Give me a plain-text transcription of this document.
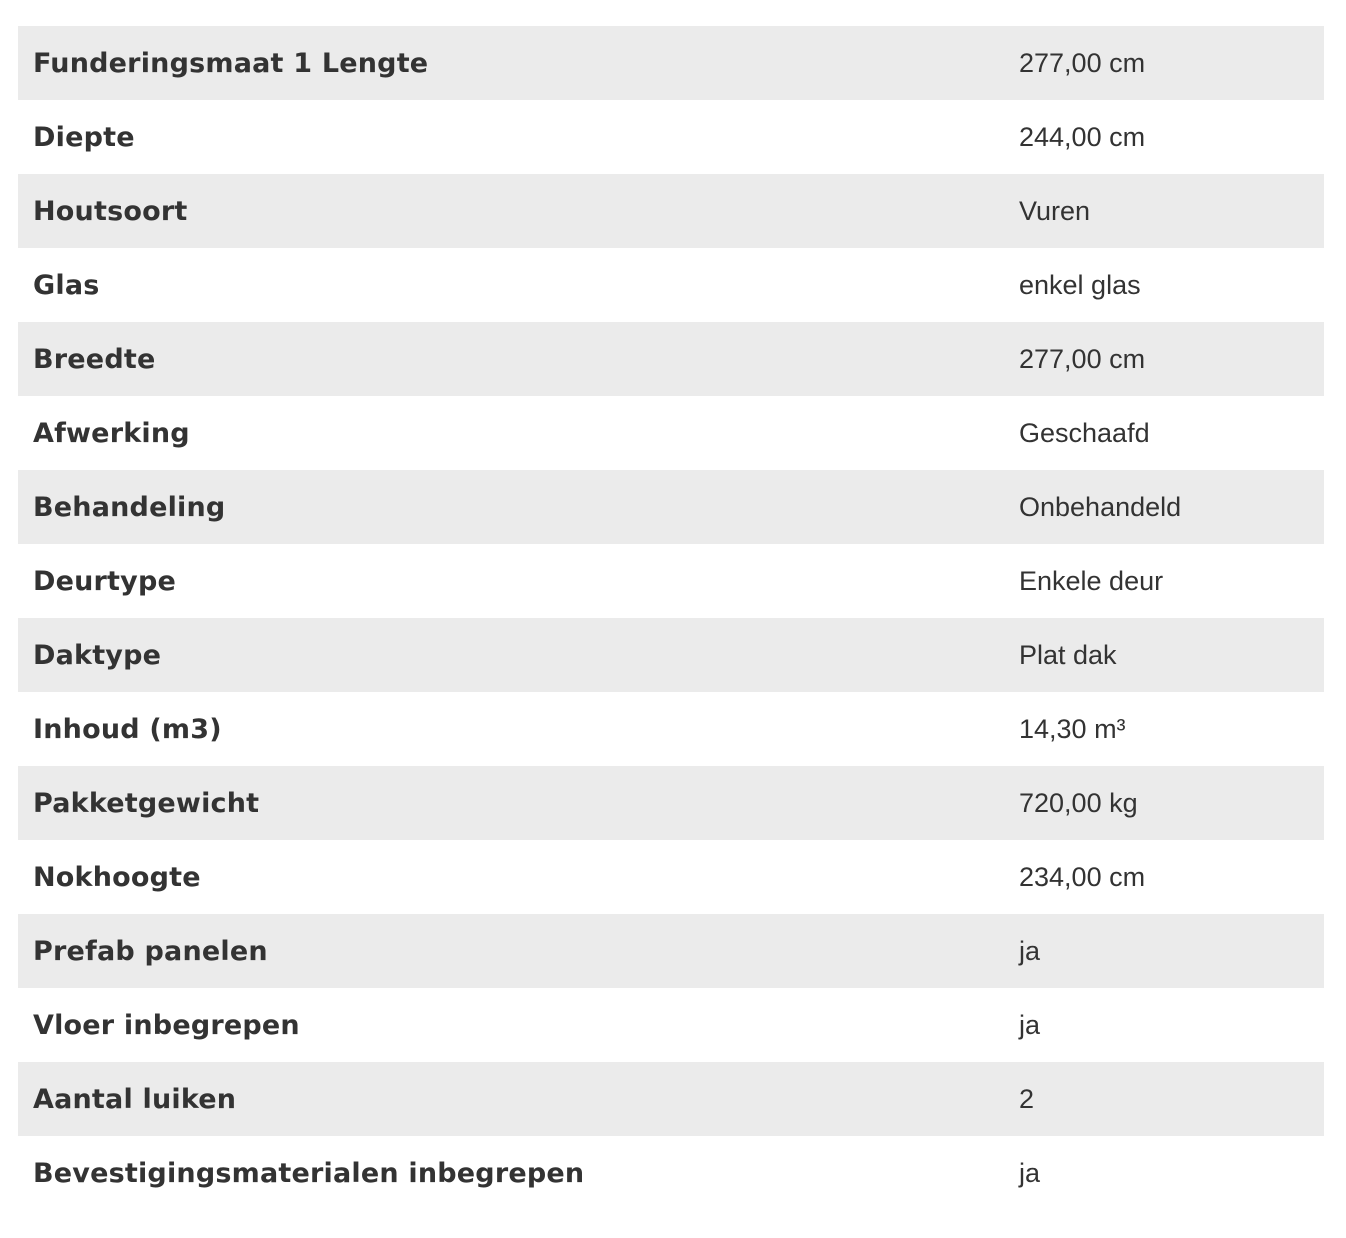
Funderingsmaat 1 Lengte	277,00 cm
Diepte	244,00 cm
Houtsoort	Vuren
Glas	enkel glas
Breedte	277,00 cm
Afwerking	Geschaafd
Behandeling	Onbehandeld
Deurtype	Enkele deur
Daktype	Plat dak
Inhoud (m3)	14,30 m³
Pakketgewicht	720,00 kg
Nokhoogte	234,00 cm
Prefab panelen	ja
Vloer inbegrepen	ja
Aantal luiken	2
Bevestigingsmaterialen inbegrepen	ja
